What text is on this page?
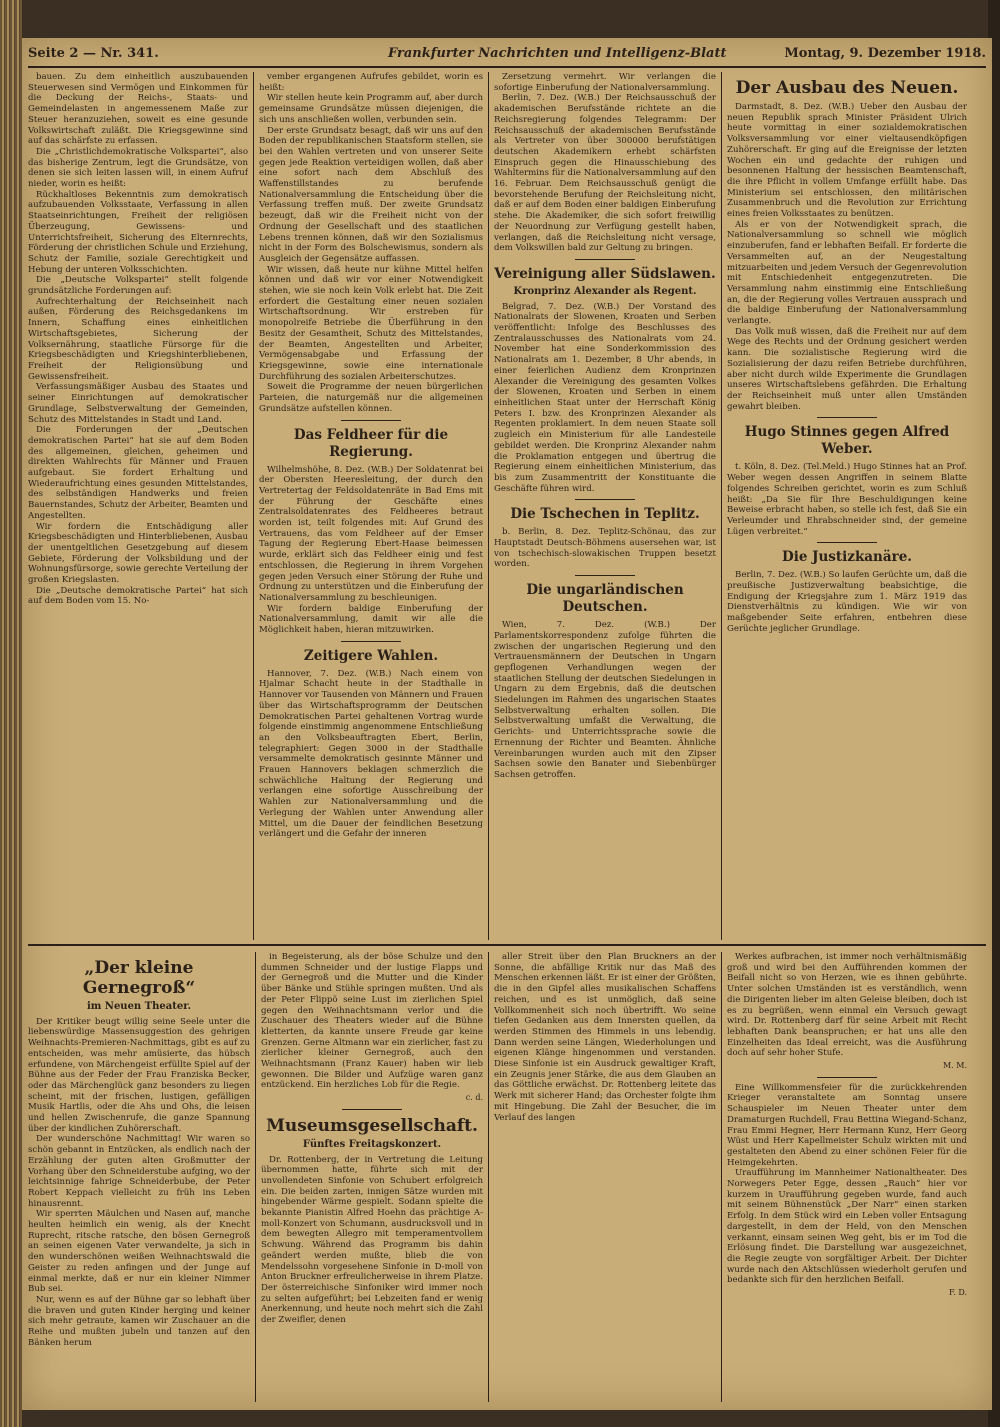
Seite 2 — Nr. 341.	Frankfurter Nachrichten und Intelligenz-Blatt	Montag, 9. Dezember 1918.

bauen. Zu dem einheitlich auszubauenden Steuerwesen sind Vermögen und Einkommen für die Deckung der Reichs-, Staats- und Gemeindelasten in angemessenem Maße zur Steuer heranzuziehen, soweit es eine gesunde Volkswirtschaft zuläßt. Die Kriegsgewinne sind auf das schärfste zu erfassen.

Die „Christlichdemokratische Volkspartei“, also das bisherige Zentrum, legt die Grundsätze, von denen sie sich leiten lassen will, in einem Aufruf nieder, worin es heißt:

Rückhaltloses Bekenntnis zum demokratisch aufzubauenden Volksstaate, Verfassung in allen Staatseinrichtungen, Freiheit der religiösen Überzeugung, Gewissens- und Unterrichtsfreiheit, Sicherung des Elternrechts, Förderung der christlichen Schule und Erziehung, Schutz der Familie, soziale Gerechtigkeit und Hebung der unteren Volksschichten.

Die „Deutsche Volkspartei“ stellt folgende grundsätzliche Forderungen auf:

Aufrechterhaltung der Reichseinheit nach außen, Förderung des Reichsgedankens im Innern, Schaffung eines einheitlichen Wirtschaftsgebietes, Sicherung der Volksernährung, staatliche Fürsorge für die Kriegsbeschädigten und Kriegshinterbliebenen, Freiheit der Religionsübung und Gewissensfreiheit.

Verfassungsmäßiger Ausbau des Staates und seiner Einrichtungen auf demokratischer Grundlage, Selbstverwaltung der Gemeinden, Schutz des Mittelstandes in Stadt und Land.

Die Forderungen der „Deutschen demokratischen Partei“ hat sie auf dem Boden des allgemeinen, gleichen, geheimen und direkten Wahlrechts für Männer und Frauen aufgebaut. Sie fordert Erhaltung und Wiederaufrichtung eines gesunden Mittelstandes, des selbständigen Handwerks und freien Bauernstandes, Schutz der Arbeiter, Beamten und Angestellten.

Wir fordern die Entschädigung aller Kriegsbeschädigten und Hinterbliebenen, Ausbau der unentgeltlichen Gesetzgebung auf diesem Gebiete, Förderung der Volksbildung und der Wohnungsfürsorge, sowie gerechte Verteilung der großen Kriegslasten.

Die „Deutsche demokratische Partei“ hat sich auf dem Boden vom 15. No-

vember ergangenen Aufrufes gebildet, worin es heißt:

Wir stellen heute kein Programm auf, aber durch gemeinsame Grundsätze müssen diejenigen, die sich uns anschließen wollen, verbunden sein.

Der erste Grundsatz besagt, daß wir uns auf den Boden der republikanischen Staatsform stellen, sie bei den Wahlen vertreten und von unserer Seite gegen jede Reaktion verteidigen wollen, daß aber eine sofort nach dem Abschluß des Waffenstillstandes zu berufende Nationalversammlung die Entscheidung über die Verfassung treffen muß. Der zweite Grundsatz bezeugt, daß wir die Freiheit nicht von der Ordnung der Gesellschaft und des staatlichen Lebens trennen können, daß wir den Sozialismus nicht in der Form des Bolschewismus, sondern als Ausgleich der Gegensätze auffassen.

Wir wissen, daß heute nur kühne Mittel helfen können und daß wir vor einer Notwendigkeit stehen, wie sie noch kein Volk erlebt hat. Die Zeit erfordert die Gestaltung einer neuen sozialen Wirtschaftsordnung. Wir erstreben für monopolreife Betriebe die Überführung in den Besitz der Gesamtheit, Schutz des Mittelstandes, der Beamten, Angestellten und Arbeiter, Vermögensabgabe und Erfassung der Kriegsgewinne, sowie eine internationale Durchführung des sozialen Arbeiterschutzes.

Soweit die Programme der neuen bürgerlichen Parteien, die naturgemäß nur die allgemeinen Grundsätze aufstellen können.

Das Feldheer für die Regierung.

Wilhelmshöhe, 8. Dez. (W.B.) Der Soldatenrat bei der Obersten Heeresleitung, der durch den Vertretertag der Feldsoldatenräte in Bad Ems mit der Führung der Geschäfte eines Zentralsoldatenrates des Feldheeres betraut worden ist, teilt folgendes mit: Auf Grund des Vertrauens, das vom Feldheer auf der Emser Tagung der Regierung Ebert-Haase beimessen wurde, erklärt sich das Feldheer einig und fest entschlossen, die Regierung in ihrem Vorgehen gegen jeden Versuch einer Störung der Ruhe und Ordnung zu unterstützen und die Einberufung der Nationalversammlung zu beschleunigen.

Wir fordern baldige Einberufung der Nationalversammlung, damit wir alle die Möglichkeit haben, hieran mitzuwirken.

Zeitigere Wahlen.

Hannover, 7. Dez. (W.B.) Nach einem von Hjalmar Schacht heute in der Stadthalle in Hannover vor Tausenden von Männern und Frauen über das Wirtschaftsprogramm der Deutschen Demokratischen Partei gehaltenen Vortrag wurde folgende einstimmig angenommene Entschließung an den Volksbeauftragten Ebert, Berlin, telegraphiert: Gegen 3000 in der Stadthalle versammelte demokratisch gesinnte Männer und Frauen Hannovers beklagen schmerzlich die schwächliche Haltung der Regierung und verlangen eine sofortige Ausschreibung der Wahlen zur Nationalversammlung und die Verlegung der Wahlen unter Anwendung aller Mittel, um die Dauer der feindlichen Besetzung verlängert und die Gefahr der inneren

Zersetzung vermehrt. Wir verlangen die sofortige Einberufung der Nationalversammlung.

Berlin, 7. Dez. (W.B.) Der Reichsausschuß der akademischen Berufsstände richtete an die Reichsregierung folgendes Telegramm: Der Reichsausschuß der akademischen Berufsstände als Vertreter von über 300000 berufstätigen deutschen Akademikern erhebt schärfsten Einspruch gegen die Hinausschiebung des Wahltermins für die Nationalversammlung auf den 16. Februar. Dem Reichsausschuß genügt die bevorstehende Berufung der Reichsleitung nicht, daß er auf dem Boden einer baldigen Einberufung stehe. Die Akademiker, die sich sofort freiwillig der Neuordnung zur Verfügung gestellt haben, verlangen, daß die Reichsleitung nicht versage, dem Volkswillen bald zur Geltung zu bringen.

Vereinigung aller Südslawen.
Kronprinz Alexander als Regent.

Belgrad, 7. Dez. (W.B.) Der Vorstand des Nationalrats der Slowenen, Kroaten und Serben veröffentlicht: Infolge des Beschlusses des Zentralausschusses des Nationalrats vom 24. November hat eine Sonderkommission des Nationalrats am 1. Dezember, 8 Uhr abends, in einer feierlichen Audienz dem Kronprinzen Alexander die Vereinigung des gesamten Volkes der Slowenen, Kroaten und Serben in einem einheitlichen Staat unter der Herrschaft König Peters I. bzw. des Kronprinzen Alexander als Regenten proklamiert. In dem neuen Staate soll zugleich ein Ministerium für alle Landesteile gebildet werden. Die Kronprinz Alexander nahm die Proklamation entgegen und übertrug die Regierung einem einheitlichen Ministerium, das bis zum Zusammentritt der Konstituante die Geschäfte führen wird.

Die Tschechen in Teplitz.

b. Berlin, 8. Dez. Teplitz-Schönau, das zur Hauptstadt Deutsch-Böhmens ausersehen war, ist von tschechisch-slowakischen Truppen besetzt worden.

Die ungarländischen Deutschen.

Wien, 7. Dez. (W.B.) Der Parlamentskorrespondenz zufolge führten die zwischen der ungarischen Regierung und den Vertrauensmännern der Deutschen in Ungarn gepflogenen Verhandlungen wegen der staatlichen Stellung der deutschen Siedelungen in Ungarn zu dem Ergebnis, daß die deutschen Siedelungen im Rahmen des ungarischen Staates Selbstverwaltung erhalten sollen. Die Selbstverwaltung umfaßt die Verwaltung, die Gerichts- und Unterrichtssprache sowie die Ernennung der Richter und Beamten. Ähnliche Vereinbarungen wurden auch mit den Zipser Sachsen sowie den Banater und Siebenbürger Sachsen getroffen.

Der Ausbau des Neuen.

Darmstadt, 8. Dez. (W.B.) Ueber den Ausbau der neuen Republik sprach Minister Präsident Ulrich heute vormittag in einer sozialdemokratischen Volksversammlung vor einer vieltausendköpfigen Zuhörerschaft. Er ging auf die Ereignisse der letzten Wochen ein und gedachte der ruhigen und besonnenen Haltung der hessischen Beamtenschaft, die ihre Pflicht in vollem Umfange erfüllt habe. Das Ministerium sei entschlossen, den militärischen Zusammenbruch und die Revolution zur Errichtung eines freien Volksstaates zu benützen.

Als er von der Notwendigkeit sprach, die Nationalversammlung so schnell wie möglich einzuberufen, fand er lebhaften Beifall. Er forderte die Versammelten auf, an der Neugestaltung mitzuarbeiten und jedem Versuch der Gegenrevolution mit Entschiedenheit entgegenzutreten. Die Versammlung nahm einstimmig eine Entschließung an, die der Regierung volles Vertrauen aussprach und die baldige Einberufung der Nationalversammlung verlangte.

Das Volk muß wissen, daß die Freiheit nur auf dem Wege des Rechts und der Ordnung gesichert werden kann. Die sozialistische Regierung wird die Sozialisierung der dazu reifen Betriebe durchführen, aber nicht durch wilde Experimente die Grundlagen unseres Wirtschaftslebens gefährden. Die Erhaltung der Reichseinheit muß unter allen Umständen gewahrt bleiben.

Hugo Stinnes gegen Alfred Weber.

t. Köln, 8. Dez. (Tel.Meld.) Hugo Stinnes hat an Prof. Weber wegen dessen Angriffen in seinem Blatte folgendes Schreiben gerichtet, worin es zum Schluß heißt: „Da Sie für Ihre Beschuldigungen keine Beweise erbracht haben, so stelle ich fest, daß Sie ein Verleumder und Ehrabschneider sind, der gemeine Lügen verbreitet.“

Die Justizkanäre.

Berlin, 7. Dez. (W.B.) So laufen Gerüchte um, daß die preußische Justizverwaltung beabsichtige, die Endigung der Kriegsjahre zum 1. März 1919 das Dienstverhältnis zu kündigen. Wie wir von maßgebender Seite erfahren, entbehren diese Gerüchte jeglicher Grundlage.

„Der kleine Gernegroß“
im Neuen Theater.

Der Kritiker beugt willig seine Seele unter die liebenswürdige Massensuggestion des gehrigen Weihnachts-Premieren-Nachmittags, gibt es auf zu entscheiden, was mehr amüsierte, das hübsch erfundene, von Märchengeist erfüllte Spiel auf der Bühne aus der Feder der Frau Franziska Becker, oder das Märchenglück ganz besonders zu liegen scheint, mit der frischen, lustigen, gefälligen Musik Hartlis, oder die Ahs und Ohs, die leisen und hellen Zwischenrufe, die ganze Spannung über der kindlichen Zuhörerschaft.

Der wunderschöne Nachmittag! Wir waren so schön gebannt in Entzücken, als endlich nach der Erzählung der guten alten Großmutter der Vorhang über den Schneiderstube aufging, wo der leichtsinnige fahrige Schneiderbube, der Peter Robert Keppach vielleicht zu früh ins Leben hinausrennt.

Wir sperrten Mäulchen und Nasen auf, manche heulten heimlich ein wenig, als der Knecht Ruprecht, ritsche ratsche, den bösen Gernegroß an seinen eigenen Vater verwandelte, ja sich in den wunderschönen weißen Weihnachtswald die Geister zu reden anfingen und der Junge auf einmal merkte, daß er nur ein kleiner Nimmer Bub sei.

Nur, wenn es auf der Bühne gar so lebhaft über die braven und guten Kinder herging und keiner sich mehr getraute, kamen wir Zuschauer an die Reihe und mußten jubeln und tanzen auf den Bänken herum

in Begeisterung, als der böse Schulze und den dummen Schneider und der lustige Flapps und der Gernegroß und die Mutter und die Kinder über Bänke und Stühle springen mußten. Und als der Peter Flippö seine Lust im zierlichen Spiel gegen den Weihnachtsmann verlor und die Zuschauer des Theaters wieder auf die Bühne kletterten, da kannte unsere Freude gar keine Grenzen. Gerne Altmann war ein zierlicher, fast zu zierlicher kleiner Gernegroß, auch den Weihnachtsmann (Franz Kauer) haben wir lieb gewonnen. Die Bilder und Aufzüge waren ganz entzückend. Ein herzliches Lob für die Regie.

c. d.
Museumsgesellschaft.
Fünftes Freitagskonzert.

Dr. Rottenberg, der in Vertretung die Leitung übernommen hatte, führte sich mit der unvollendeten Sinfonie von Schubert erfolgreich ein. Die beiden zarten, innigen Sätze wurden mit hingebender Wärme gespielt. Sodann spielte die bekannte Pianistin Alfred Hoehn das prächtige A-moll-Konzert von Schumann, ausdrucksvoll und in dem bewegten Allegro mit temperamentvollem Schwung. Während das Programm bis dahin geändert werden mußte, blieb die von Mendelssohn vorgesehene Sinfonie in D-moll von Anton Bruckner erfreulicherweise in ihrem Platze. Der österreichische Sinfoniker wird immer noch zu selten aufgeführt; bei Lebzeiten fand er wenig Anerkennung, und heute noch mehrt sich die Zahl der Zweifler, denen

aller Streit über den Plan Bruckners an der Sonne, die abfällige Kritik nur das Maß des Menschen erkennen läßt. Er ist einer der Größten, die in den Gipfel alles musikalischen Schaffens reichen, und es ist unmöglich, daß seine Vollkommenheit sich noch übertrifft. Wo seine tiefen Gedanken aus dem Innersten quellen, da werden Stimmen des Himmels in uns lebendig. Dann werden seine Längen, Wiederholungen und eigenen Klänge hingenommen und verstanden. Diese Sinfonie ist ein Ausdruck gewaltiger Kraft, ein Zeugnis jener Stärke, die aus dem Glauben an das Göttliche erwächst. Dr. Rottenberg leitete das Werk mit sicherer Hand; das Orchester folgte ihm mit Hingebung. Die Zahl der Besucher, die im Verlauf des langen

Werkes aufbrachen, ist immer noch verhältnismäßig groß und wird bei den Aufführenden kommen der Beifall nicht so von Herzen, wie es ihnen gebührte. Unter solchen Umständen ist es verständlich, wenn die Dirigenten lieber im alten Geleise bleiben, doch ist es zu begrüßen, wenn einmal ein Versuch gewagt wird. Dr. Rottenberg darf für seine Arbeit mit Recht lebhaften Dank beanspruchen; er hat uns alle den Einzelheiten das Ideal erreicht, was die Ausführung doch auf sehr hoher Stufe.

M. M.

Eine Willkommensfeier für die zurückkehrenden Krieger veranstaltete am Sonntag unsere Schauspieler im Neuen Theater unter dem Dramaturgen Ruchdell, Frau Bettina Wiegand-Schanz, Frau Emmi Hegner, Herr Hermann Kunz, Herr Georg Wüst und Herr Kapellmeister Schulz wirkten mit und gestalteten den Abend zu einer schönen Feier für die Heimgekehrten.

Uraufführung im Mannheimer Nationaltheater. Des Norwegers Peter Egge, dessen „Rauch“ hier vor kurzem in Uraufführung gegeben wurde, fand auch mit seinem Bühnenstück „Der Narr“ einen starken Erfolg. In dem Stück wird ein Leben voller Entsagung dargestellt, in dem der Held, von den Menschen verkannt, einsam seinen Weg geht, bis er im Tod die Erlösung findet. Die Darstellung war ausgezeichnet, die Regie zeugte von sorgfältiger Arbeit. Der Dichter wurde nach den Aktschlüssen wiederholt gerufen und bedankte sich für den herzlichen Beifall.

F. D.
